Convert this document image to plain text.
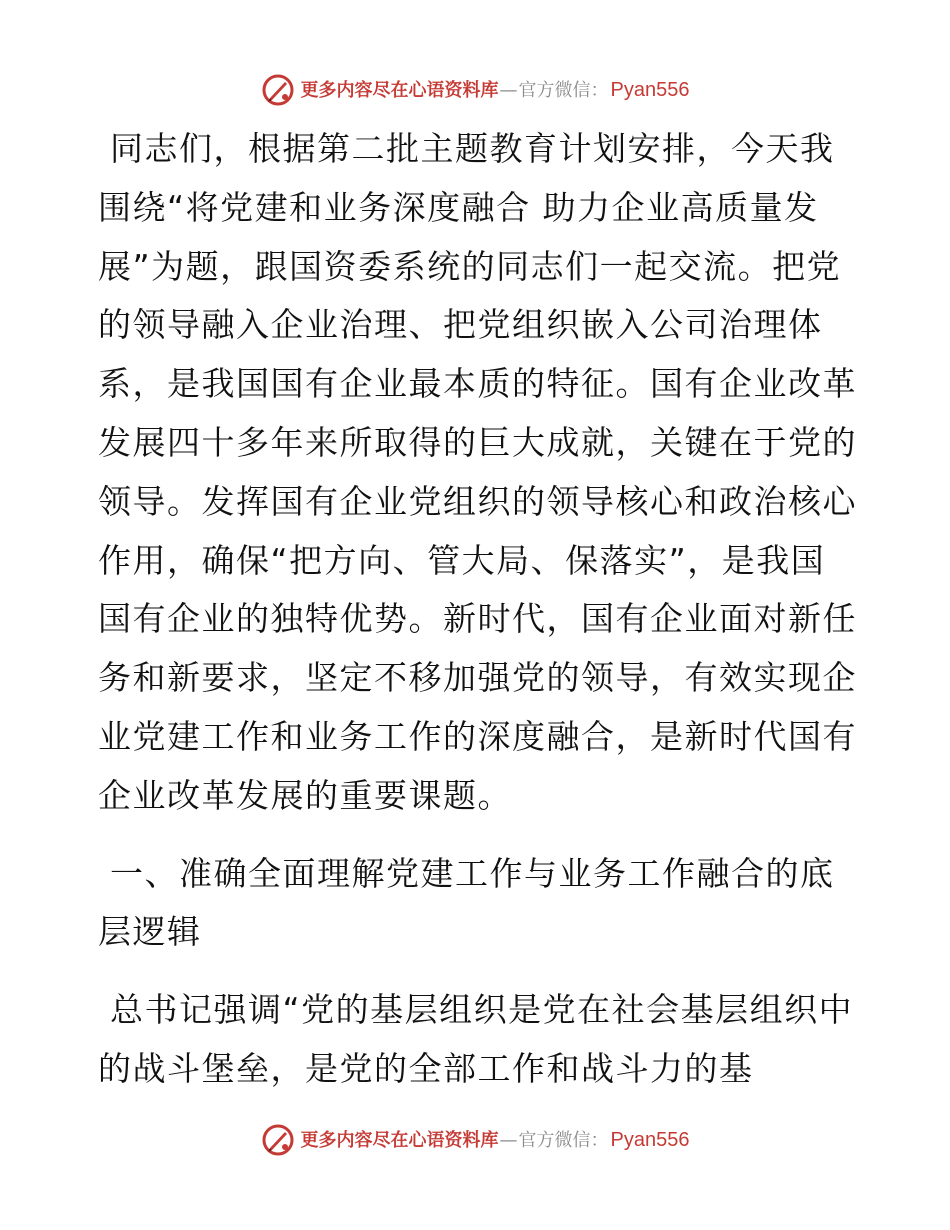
更多内容尽在心语资料库 — 官方微信： Pyan556

同志们，根据第二批主题教育计划安排，今天我围绕“将党建和业务深度融合 助力企业高质量发展”为题，跟国资委系统的同志们一起交流。把党的领导融入企业治理、把党组织嵌入公司治理体系，是我国国有企业最本质的特征。国有企业改革发展四十多年来所取得的巨大成就，关键在于党的领导。发挥国有企业党组织的领导核心和政治核心作用，确保“把方向、管大局、保落实”，是我国国有企业的独特优势。新时代，国有企业面对新任务和新要求，坚定不移加强党的领导，有效实现企业党建工作和业务工作的深度融合，是新时代国有企业改革发展的重要课题。

一、准确全面理解党建工作与业务工作融合的底层逻辑

总书记强调“党的基层组织是党在社会基层组织中的战斗堡垒，是党的全部工作和战斗力的基

更多内容尽在心语资料库 — 官方微信： Pyan556
